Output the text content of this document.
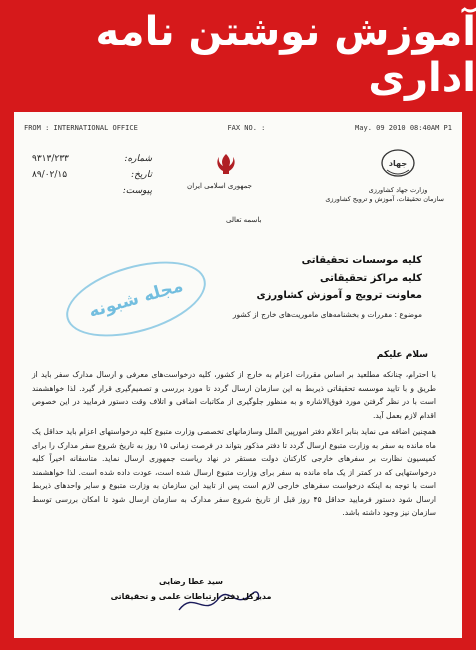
آموزش نوشتن نامه اداری
FROM : INTERNATIONAL OFFICE	FAX NO. :	May. 09 2010 08:40AM P1
شماره:
۹۳۱۳/۲۳۳
تاریخ:
۸۹/۰۲/۱۵
پیوست:	جمهوری اسلامی ایران
باسمه تعالی
جهاد
وزارت جهاد کشاورزی
سازمان تحقیقات، آموزش و ترویج کشاورزی
کلیه موسسات تحقیقاتی
کلیه مراکز تحقیقاتی
معاونت ترویج و آموزش کشاورزی
مجله شبونه	موضوع : مقررات و بخشنامه‌های ماموریت‌های خارج از کشور
سلام علیکم

با احترام، چنانکه مطلعید بر اساس مقررات اعزام به خارج از کشور، کلیه درخواست‌های معرفی و ارسال مدارک سفر باید از طریق و با تایید موسسه تحقیقاتی ذیربط به این سازمان ارسال گردد تا مورد بررسی و تصمیم‌گیری قرار گیرد. لذا خواهشمند است با در نظر گرفتن مورد فوق‌الاشاره و به منظور جلوگیری از مکاتبات اضافی و اتلاف وقت دستور فرمایید در این خصوص اقدام لازم بعمل آید.

همچنین اضافه می نماید بنابر اعلام دفتر امورپین الملل وسازمانهای تخصصی وزارت متبوع کلیه درخواستهای اعزام باید حداقل یک ماه مانده به سفر به وزارت متبوع ارسال گردد تا دفتر مذکور بتواند در فرصت زمانی ۱۵ روز به تاریخ شروع سفر مدارک را برای کمیسیون نظارت بر سفرهای خارجی کارکنان دولت مستقر در نهاد ریاست جمهوری ارسال نماید. متاسفانه اخیراً کلیه درخواستهایی که در کمتر از یک ماه مانده به سفر برای وزارت متبوع ارسال شده است، عودت داده شده است. لذا خواهشمند است با توجه به اینکه درخواست سفرهای خارجی لازم است پس از تایید این سازمان به وزارت متبوع و سایر واحدهای ذیربط ارسال شود دستور فرمایید حداقل ۴۵ روز قبل از تاریخ شروع سفر مدارک به سازمان ارسال شود تا امکان بررسی توسط سازمان نیز وجود داشته باشد.

سید عطا رضایی
مدیرکل دفتر ارتباطات علمی و تحقیقاتی
